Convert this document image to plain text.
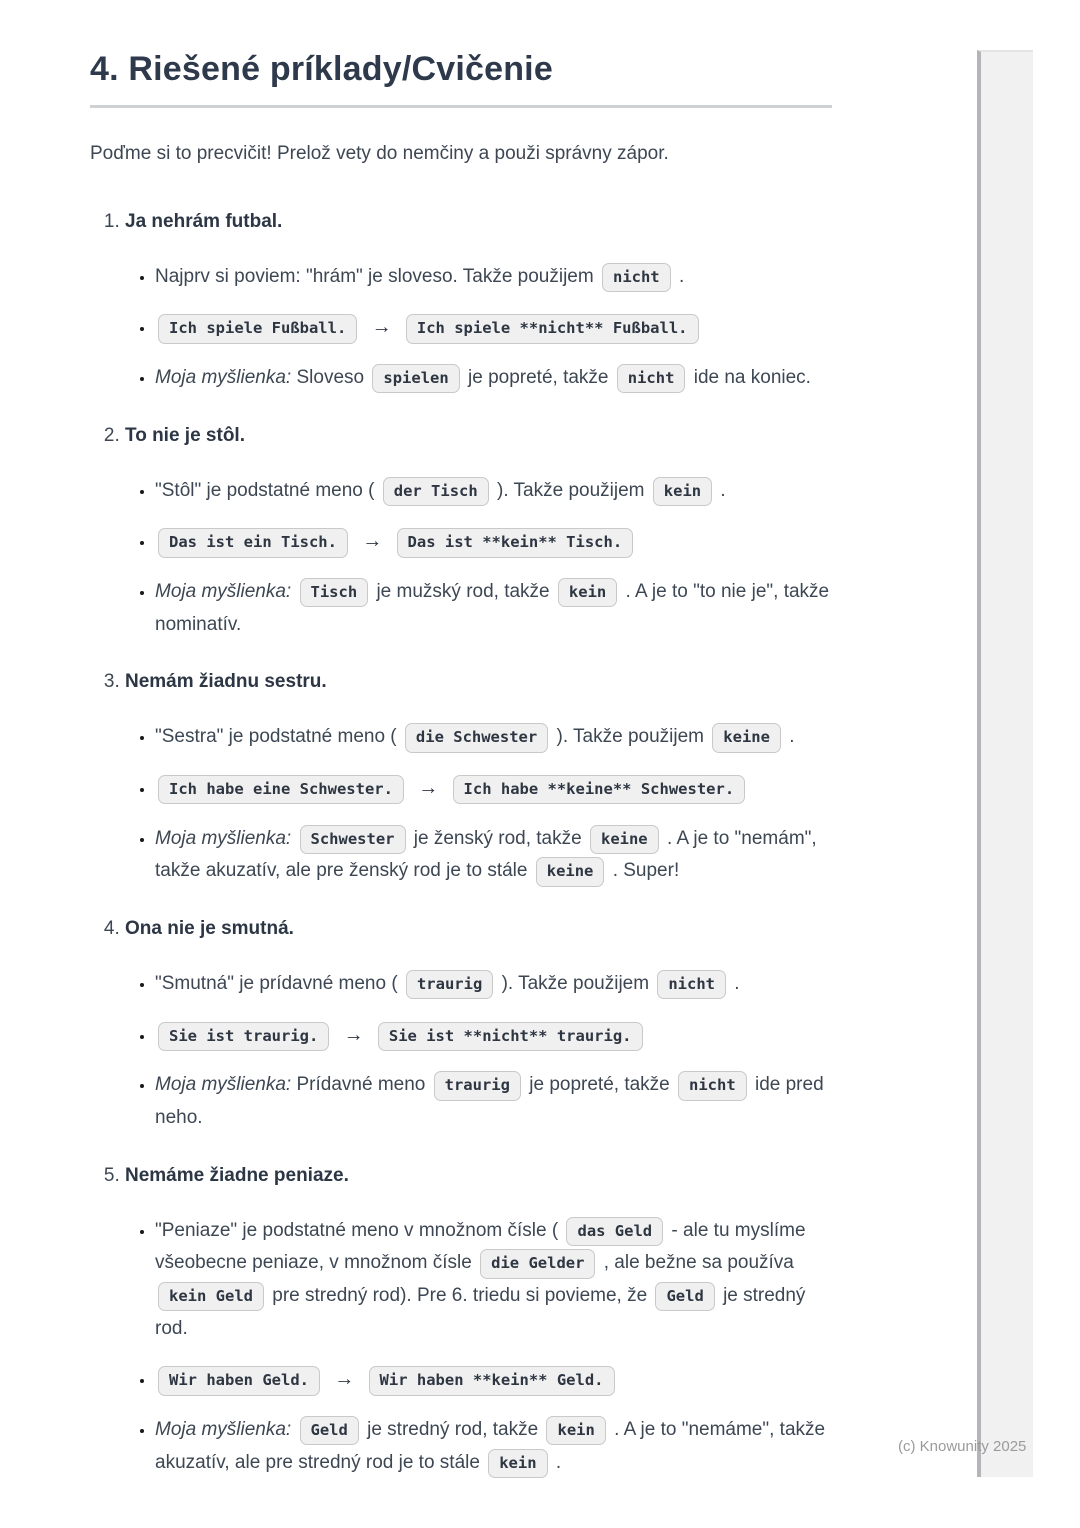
4. Riešené príklady/Cvičenie

Poďme si to precvičit! Prelož vety do nemčiny a použi správny zápor.

1. Ja nehrám futbal.
• Najprv si poviem: "hrám" je sloveso. Takže použijem nicht .
• Ich spiele Fußball. → Ich spiele **nicht** Fußball.
• Moja myšlienka: Sloveso spielen je popreté, takže nicht ide na koniec.
2. To nie je stôl.
• "Stôl" je podstatné meno ( der Tisch ). Takže použijem kein .
• Das ist ein Tisch. → Das ist **kein** Tisch.
• Moja myšlienka: Tisch je mužský rod, takže kein . A je to "to nie je", takže nominatív.
3. Nemám žiadnu sestru.
• "Sestra" je podstatné meno ( die Schwester ). Takže použijem keine .
• Ich habe eine Schwester. → Ich habe **keine** Schwester.
• Moja myšlienka: Schwester je ženský rod, takže keine . A je to "nemám", takže akuzatív, ale pre ženský rod je to stále keine . Super!
4. Ona nie je smutná.
• "Smutná" je prídavné meno ( traurig ). Takže použijem nicht .
• Sie ist traurig. → Sie ist **nicht** traurig.
• Moja myšlienka: Prídavné meno traurig je popreté, takže nicht ide pred neho.
5. Nemáme žiadne peniaze.
• "Peniaze" je podstatné meno v množnom čísle ( das Geld - ale tu myslíme všeobecne peniaze, v množnom čísle die Gelder , ale bežne sa používa kein Geld pre stredný rod). Pre 6. triedu si povieme, že Geld je stredný rod.
• Wir haben Geld. → Wir haben **kein** Geld.
• Moja myšlienka: Geld je stredný rod, takže kein . A je to "nemáme", takže akuzatív, ale pre stredný rod je to stále kein .
(c) Knowunity 2025
